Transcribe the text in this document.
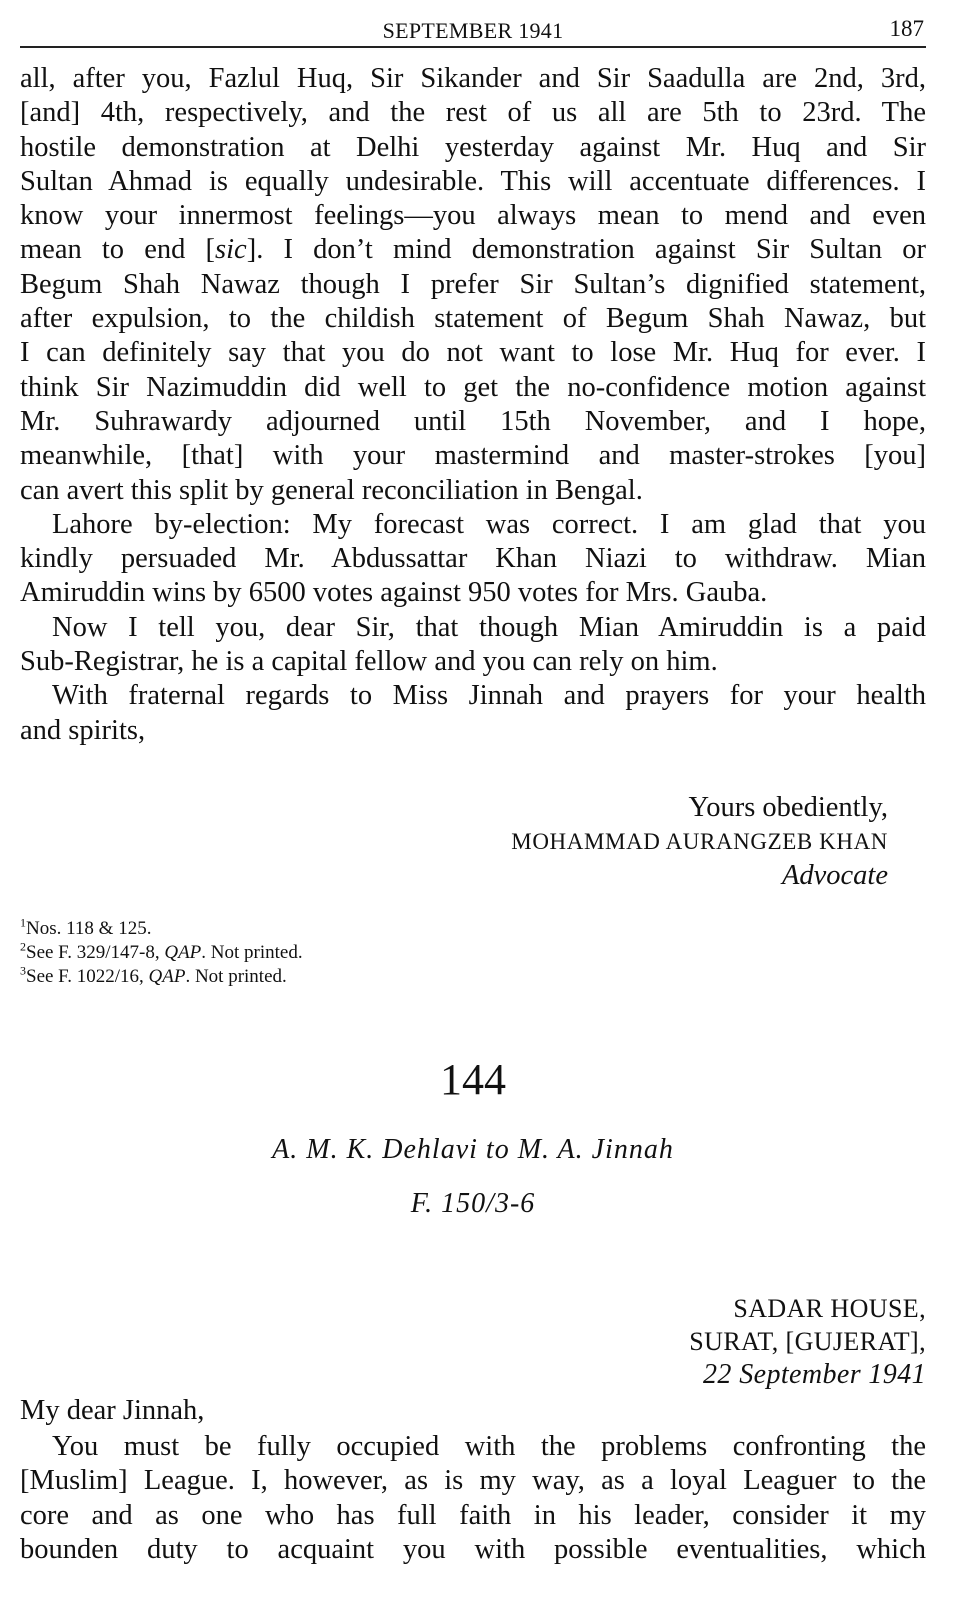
SEPTEMBER 1941	187

all, after you, Fazlul Huq, Sir Sikander and Sir Saadulla are 2nd, 3rd,

[and] 4th, respectively, and the rest of us all are 5th to 23rd. The

hostile demonstration at Delhi yesterday against Mr. Huq and Sir

Sultan Ahmad is equally undesirable. This will accentuate differences. I

know your innermost feelings—you always mean to mend and even

mean to end [sic]. I don’t mind demonstration against Sir Sultan or

Begum Shah Nawaz though I prefer Sir Sultan’s dignified statement,

after expulsion, to the childish statement of Begum Shah Nawaz, but

I can definitely say that you do not want to lose Mr. Huq for ever. I

think Sir Nazimuddin did well to get the no-confidence motion against

Mr. Suhrawardy adjourned until 15th November, and I hope,

meanwhile, [that] with your mastermind and master-strokes [you]

can avert this split by general reconciliation in Bengal.

Lahore by-election: My forecast was correct. I am glad that you

kindly persuaded Mr. Abdussattar Khan Niazi to withdraw. Mian

Amiruddin wins by 6500 votes against 950 votes for Mrs. Gauba.

Now I tell you, dear Sir, that though Mian Amiruddin is a paid

Sub-Registrar, he is a capital fellow and you can rely on him.

With fraternal regards to Miss Jinnah and prayers for your health

and spirits,

Yours obediently,
MOHAMMAD AURANGZEB KHAN
Advocate
$^1$Nos. 118 & 125.
$^2$See F. 329/147-8, QAP. Not printed.
$^3$See F. 1022/16, QAP. Not printed.
144
A. M. K. Dehlavi to M. A. Jinnah
F. 150/3-6
SADAR HOUSE,
SURAT, [GUJERAT],
22 September 1941
My dear Jinnah,

You must be fully occupied with the problems confronting the

[Muslim] League. I, however, as is my way, as a loyal Leaguer to the

core and as one who has full faith in his leader, consider it my

bounden duty to acquaint you with possible eventualities, which
